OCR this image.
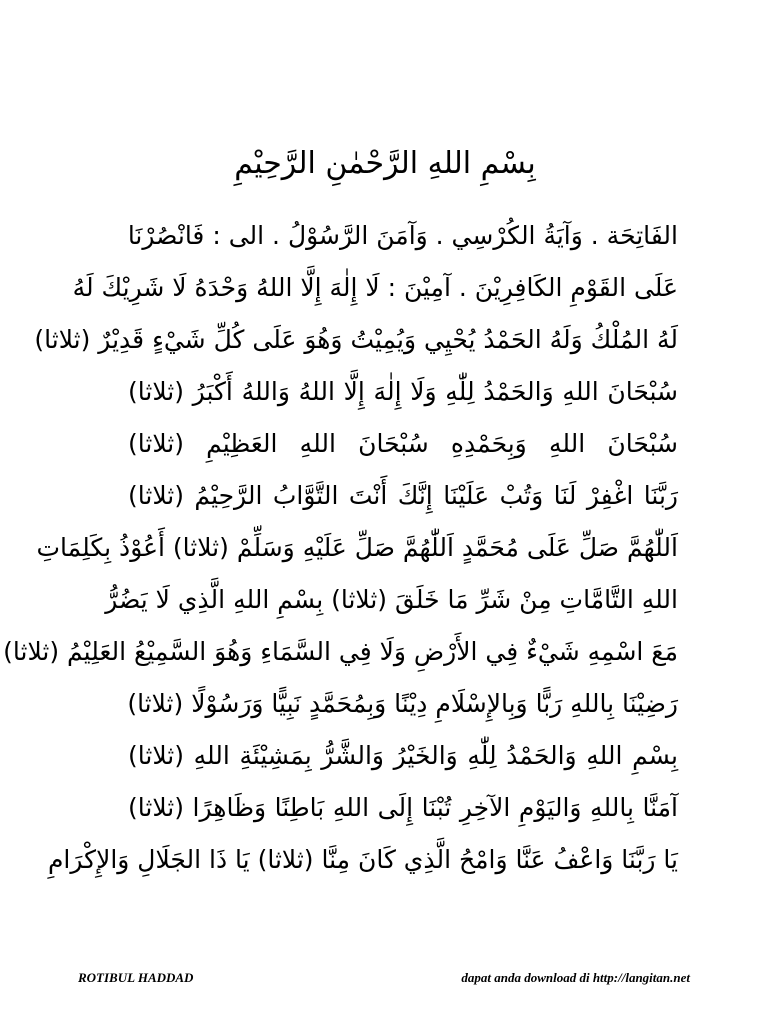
بِسْمِ اللهِ الرَّحْمٰنِ الرَّحِيْمِ
الفَاتِحَة . وَآيَةُ الكُرْسِي . وَآمَنَ الرَّسُوْلُ . الى : فَانْصُرْنَا
عَلَى القَوْمِ الكَافِرِيْنَ . آمِيْنَ : لَا إِلٰهَ إِلَّا اللهُ وَحْدَهُ لَا شَرِيْكَ لَهُ
لَهُ المُلْكُ وَلَهُ الحَمْدُ يُحْيِي وَيُمِيْتُ وَهُوَ عَلَى كُلِّ شَيْءٍ قَدِيْرٌ (ثلاثا)
سُبْحَانَ اللهِ وَالحَمْدُ لِلّٰهِ وَلَا إِلٰهَ إِلَّا اللهُ وَاللهُ أَكْبَرُ (ثلاثا)
سُبْحَانَ اللهِ وَبِحَمْدِهِ سُبْحَانَ اللهِ العَظِيْمِ (ثلاثا)
رَبَّنَا اغْفِرْ لَنَا وَتُبْ عَلَيْنَا إِنَّكَ أَنْتَ التَّوَّابُ الرَّحِيْمُ (ثلاثا)
اَللّٰهُمَّ صَلِّ عَلَى مُحَمَّدٍ اَللّٰهُمَّ صَلِّ عَلَيْهِ وَسَلِّمْ (ثلاثا) أَعُوْذُ بِكَلِمَاتِ
اللهِ التَّامَّاتِ مِنْ شَرِّ مَا خَلَقَ (ثلاثا) بِسْمِ اللهِ الَّذِي لَا يَضُرُّ
مَعَ اسْمِهِ شَيْءٌ فِي الأَرْضِ وَلَا فِي السَّمَاءِ وَهُوَ السَّمِيْعُ العَلِيْمُ (ثلاثا)
رَضِيْنَا بِاللهِ رَبًّا وَبِالإِسْلَامِ دِيْنًا وَبِمُحَمَّدٍ نَبِيًّا وَرَسُوْلًا (ثلاثا)
بِسْمِ اللهِ وَالحَمْدُ لِلّٰهِ وَالخَيْرُ وَالشَّرُّ بِمَشِيْئَةِ اللهِ (ثلاثا)
آمَنَّا بِاللهِ وَاليَوْمِ الآخِرِ تُبْنَا إِلَى اللهِ بَاطِنًا وَظَاهِرًا (ثلاثا)
يَا رَبَّنَا وَاعْفُ عَنَّا وَامْحُ الَّذِي كَانَ مِنَّا (ثلاثا) يَا ذَا الجَلَالِ وَالإِكْرَامِ
ROTIBUL HADDAD	dapat anda download di http://langitan.net
